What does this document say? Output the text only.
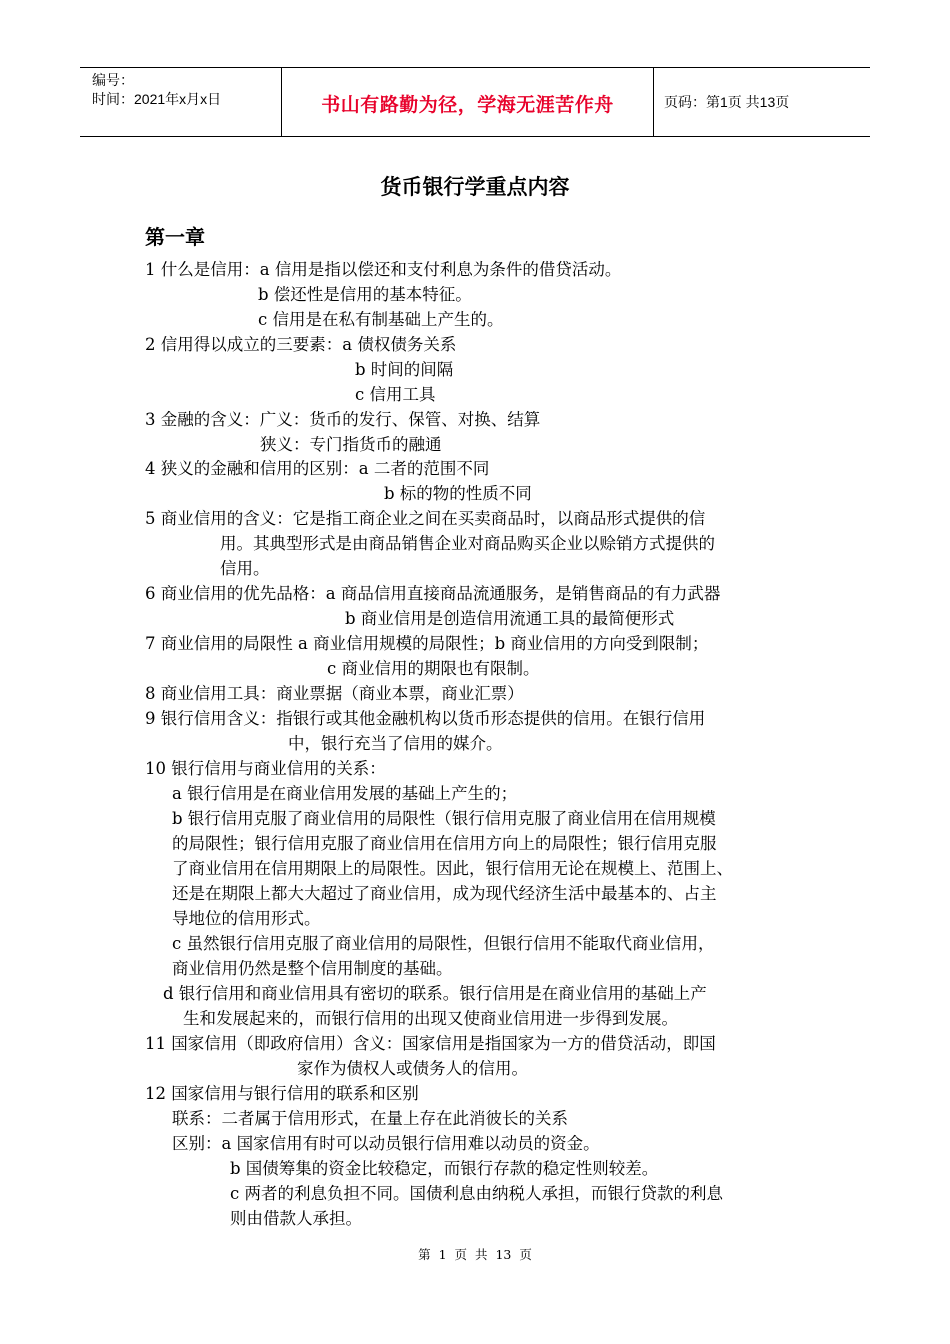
编号：
时间：2021年x月x日	书山有路勤为径，学海无涯苦作舟	页码：第1页 共13页
货币银行学重点内容
第一章
1 什么是信用：a 信用是指以偿还和支付利息为条件的借贷活动。
b 偿还性是信用的基本特征。
c 信用是在私有制基础上产生的。
2 信用得以成立的三要素：a 债权债务关系
b 时间的间隔
c 信用工具
3 金融的含义：广义：货币的发行、保管、对换、结算
狭义：专门指货币的融通
4 狭义的金融和信用的区别：a 二者的范围不同
b 标的物的性质不同
5 商业信用的含义：它是指工商企业之间在买卖商品时，以商品形式提供的信
用。其典型形式是由商品销售企业对商品购买企业以赊销方式提供的
信用。
6 商业信用的优先品格：a 商品信用直接商品流通服务，是销售商品的有力武器
b 商业信用是创造信用流通工具的最简便形式
7 商业信用的局限性 a 商业信用规模的局限性；b 商业信用的方向受到限制；
c 商业信用的期限也有限制。
8 商业信用工具：商业票据（商业本票，商业汇票）
9 银行信用含义：指银行或其他金融机构以货币形态提供的信用。在银行信用
中，银行充当了信用的媒介。
10 银行信用与商业信用的关系：
a 银行信用是在商业信用发展的基础上产生的；
b 银行信用克服了商业信用的局限性（银行信用克服了商业信用在信用规模
的局限性；银行信用克服了商业信用在信用方向上的局限性；银行信用克服
了商业信用在信用期限上的局限性。因此，银行信用无论在规模上、范围上、
还是在期限上都大大超过了商业信用，成为现代经济生活中最基本的、占主
导地位的信用形式。
c 虽然银行信用克服了商业信用的局限性，但银行信用不能取代商业信用，
商业信用仍然是整个信用制度的基础。
d 银行信用和商业信用具有密切的联系。银行信用是在商业信用的基础上产
生和发展起来的，而银行信用的出现又使商业信用进一步得到发展。
11 国家信用（即政府信用）含义：国家信用是指国家为一方的借贷活动，即国
家作为债权人或债务人的信用。
12 国家信用与银行信用的联系和区别
联系：二者属于信用形式，在量上存在此消彼长的关系
区别：a 国家信用有时可以动员银行信用难以动员的资金。
b 国债筹集的资金比较稳定，而银行存款的稳定性则较差。
c 两者的利息负担不同。国债利息由纳税人承担，而银行贷款的利息
则由借款人承担。
第 1 页 共 13 页
